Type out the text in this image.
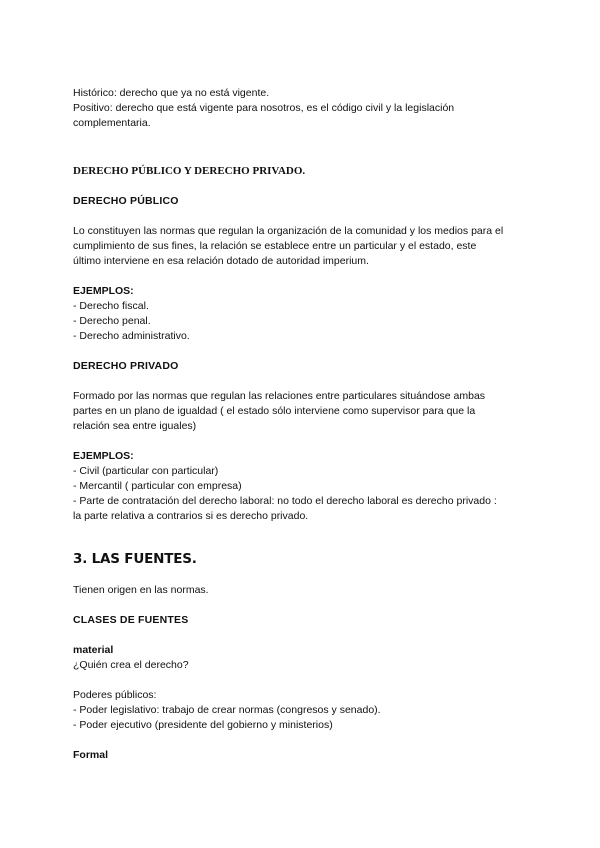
Histórico: derecho que ya no está vigente.

Positivo: derecho que está vigente para nosotros, es el código civil y la legislación

complementaria.

DERECHO PÚBLICO Y DERECHO PRIVADO.
DERECHO PÚBLICO

Lo constituyen las normas que regulan la organización de la comunidad y los medios para el

cumplimiento de sus fines, la relación se establece entre un particular y el estado, este

último interviene en esa relación dotado de autoridad imperium.

EJEMPLOS:

- Derecho fiscal.

- Derecho penal.

- Derecho administrativo.

DERECHO PRIVADO

Formado por las normas que regulan las relaciones entre particulares situándose ambas

partes en un plano de igualdad ( el estado sólo interviene como supervisor para que la

relación sea entre iguales)

EJEMPLOS:

- Civil (particular con particular)

- Mercantil ( particular con empresa)

- Parte de contratación del derecho laboral: no todo el derecho laboral es derecho privado :

la parte relativa a contrarios si es derecho privado.

3. LAS FUENTES.

Tienen origen en las normas.

CLASES DE FUENTES

material

¿Quién crea el derecho?

Poderes públicos:

- Poder legislativo: trabajo de crear normas (congresos y senado).

- Poder ejecutivo (presidente del gobierno y ministerios)

Formal
